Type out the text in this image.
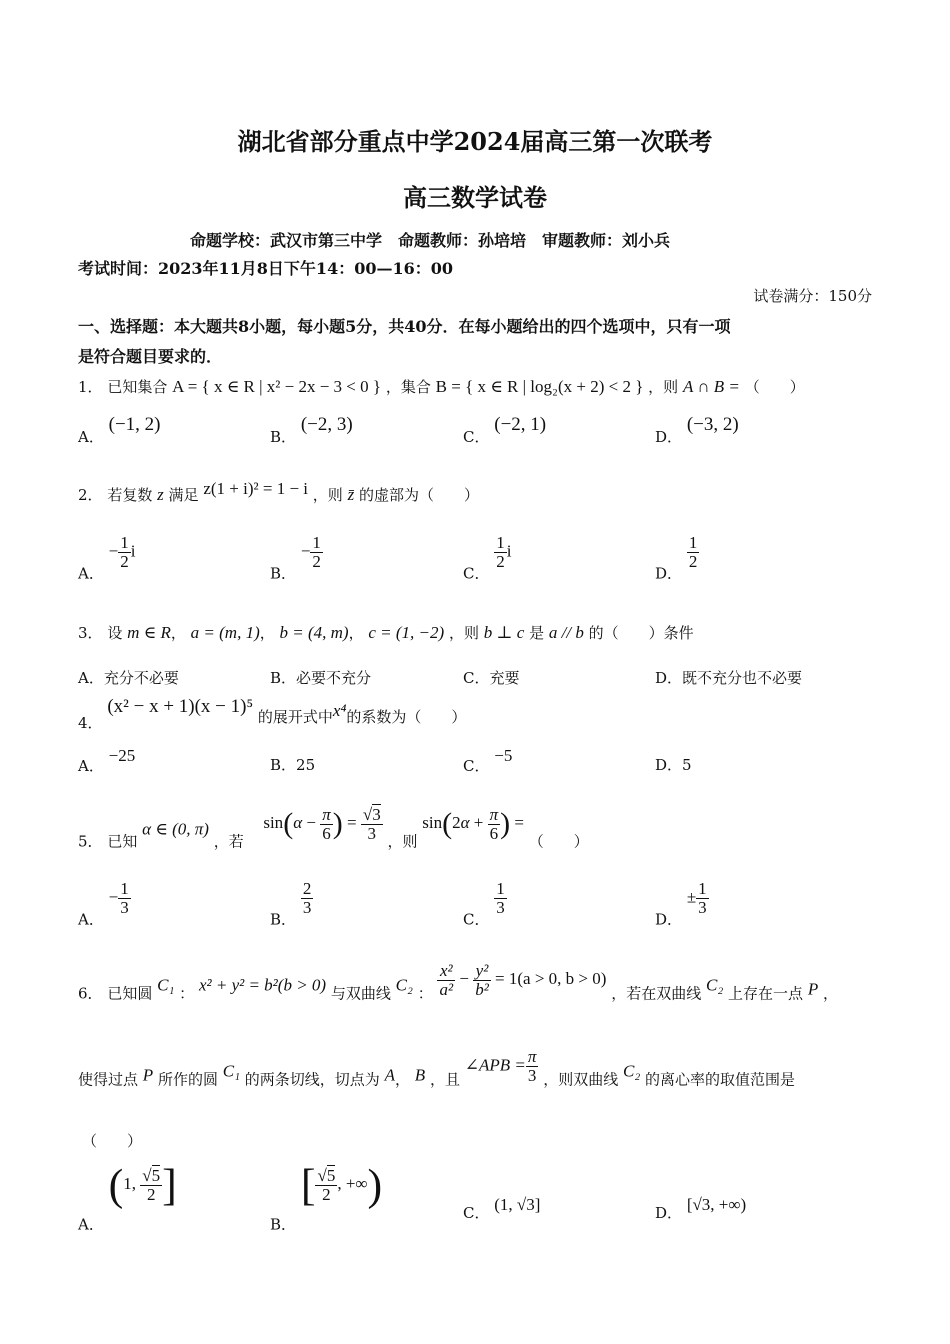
湖北省部分重点中学2024届高三第一次联考
高三数学试卷
命题学校：武汉市第三中学　命题教师：孙培培　审题教师：刘小兵
考试时间：2023年11月8日下午14：00—16：00
试卷满分：150分
一、选择题：本大题共8小题，每小题5分，共40分．在每小题给出的四个选项中，只有一项
是符合题目要求的．
1． 已知集合 A = { x ∈ R | x² − 2x − 3 < 0 } ，集合 B = { x ∈ R | log₂(x + 2) < 2 } ，则 A ∩ B = （　　）
A． (−1, 2)
B． (−2, 3)
C． (−2, 1)
D． (−3, 2)
2． 若复数 z 满足 z(1 + i)² = 1 − i ，则 z̄ 的虚部为（　　）
A． − $\frac{1}{2}$ i
B． − $\frac{1}{2}$
C．
$\frac{1}{2}$ i
D．
$\frac{1}{2}$
3． 设 m ∈ R， a = (m, 1)， b = (4, m)， c = (1, −2) ，则 b ⊥ c 是 a // b 的（　　）条件
A．充分不必要	B．必要不充分	C．充要	D．既不充分也不必要
4． (x² − x + 1)(x − 1)⁵ 的展开式中x⁴的系数为（　　）
A． −25	B．25	C． −5	D．5
5． 已知 α ∈ (0, π) ，若  $\sin(\alpha - \frac{\pi}{6}$ ) = $\frac{√3}{3}$ ，则 $\sin(2\alpha + \frac{\pi}{6}$ ) = （　　）
A． − $\frac{1}{3}$
B．
$\frac{2}{3}$
C．
$\frac{1}{3}$
D． ± $\frac{1}{3}$
6． 已知圆 C₁ ： x² + y² = b²(b > 0) 与双曲线 C₂ ： $\frac{\text{x²}}{\text{a²}} - \frac{\text{y²}}{\text{b²}} = 1(a > 0$, b > 0) ，若在双曲线 C₂ 上存在一点 P ，
使得过点 P 所作的圆 C₁ 的两条切线，切点为 A， B ，且 ∠APB = $\frac{\pi}{3}$ ，则双曲线 C₂ 的离心率的取值范围是
（　　）
A． (1, $\frac{√5}{2}$ ]
B． [ $\frac{√5}{2}$ , +∞)
C． (1, √3]	D． [√3, +∞)
